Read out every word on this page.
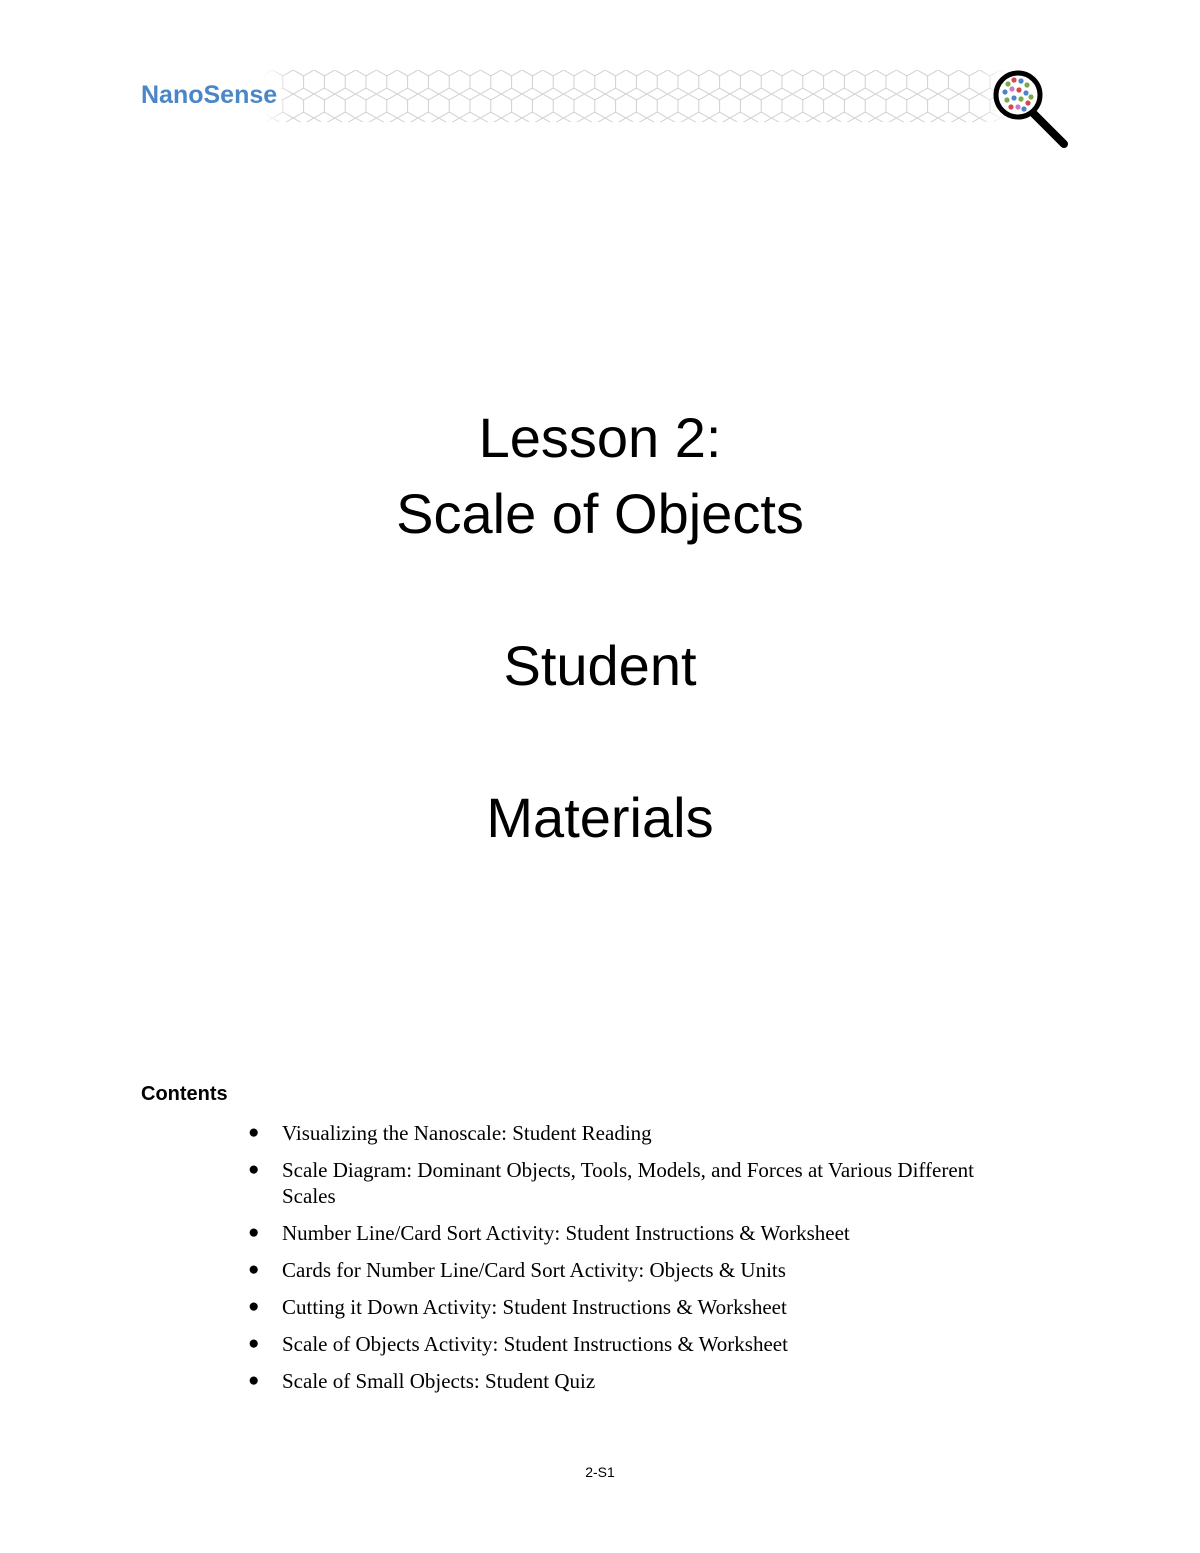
NanoSense
Lesson 2:
Scale of Objects
Student
Materials
Contents
● Visualizing the Nanoscale: Student Reading
● Scale Diagram: Dominant Objects, Tools, Models, and Forces at Various Different Scales
● Number Line/Card Sort Activity: Student Instructions & Worksheet
● Cards for Number Line/Card Sort Activity: Objects & Units
● Cutting it Down Activity: Student Instructions & Worksheet
● Scale of Objects Activity: Student Instructions & Worksheet
● Scale of Small Objects: Student Quiz
2-S1
